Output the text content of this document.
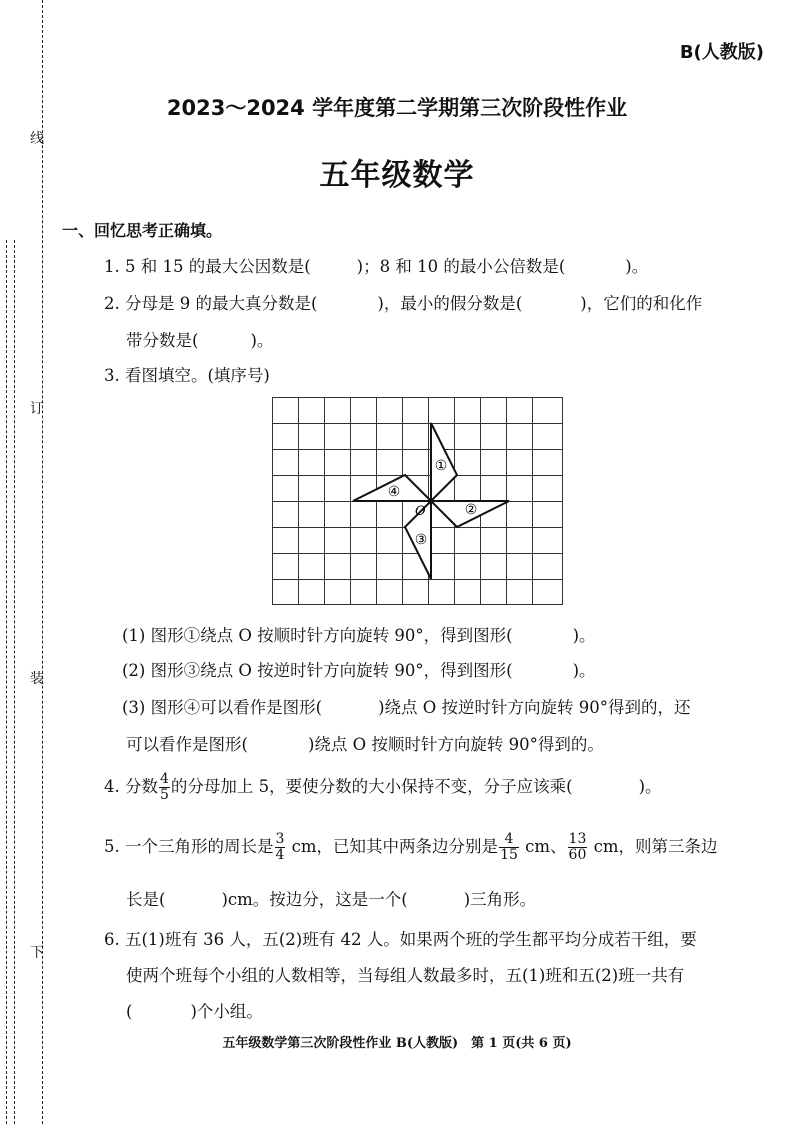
线
订
装
下
B(人教版)
2023～2024 学年度第二学期第三次阶段性作业
五年级数学
一、回忆思考正确填。
1. 5 和 15 的最大公因数是(	)；8 和 10 的最小公倍数是(	)。
2. 分母是 9 的最大真分数是(	)，最小的假分数是(	)，它们的和化作
带分数是(	)。
3. 看图填空。(填序号)
O
①
②
③
④
(1) 图形①绕点 O 按顺时针方向旋转 90°，得到图形(	)。
(2) 图形③绕点 O 按逆时针方向旋转 90°，得到图形(	)。
(3) 图形④可以看作是图形(	)绕点 O 按逆时针方向旋转 90°得到的，还
可以看作是图形(	)绕点 O 按顺时针方向旋转 90°得到的。
4. 分数 $\frac{4}{5}$ 的分母加上 5，要使分数的大小保持不变，分子应该乘(	)。
5. 一个三角形的周长是 $\frac{3}{4}$ cm，已知其中两条边分别是 $\frac{4}{15}$ cm、 $\frac{13}{60}$ cm，则第三条边
长是(	)cm。按边分，这是一个(	)三角形。
6. 五(1)班有 36 人，五(2)班有 42 人。如果两个班的学生都平均分成若干组，要
使两个班每个小组的人数相等，当每组人数最多时，五(1)班和五(2)班一共有
(	)个小组。
五年级数学第三次阶段性作业 B(人教版)　第 1 页(共 6 页)
